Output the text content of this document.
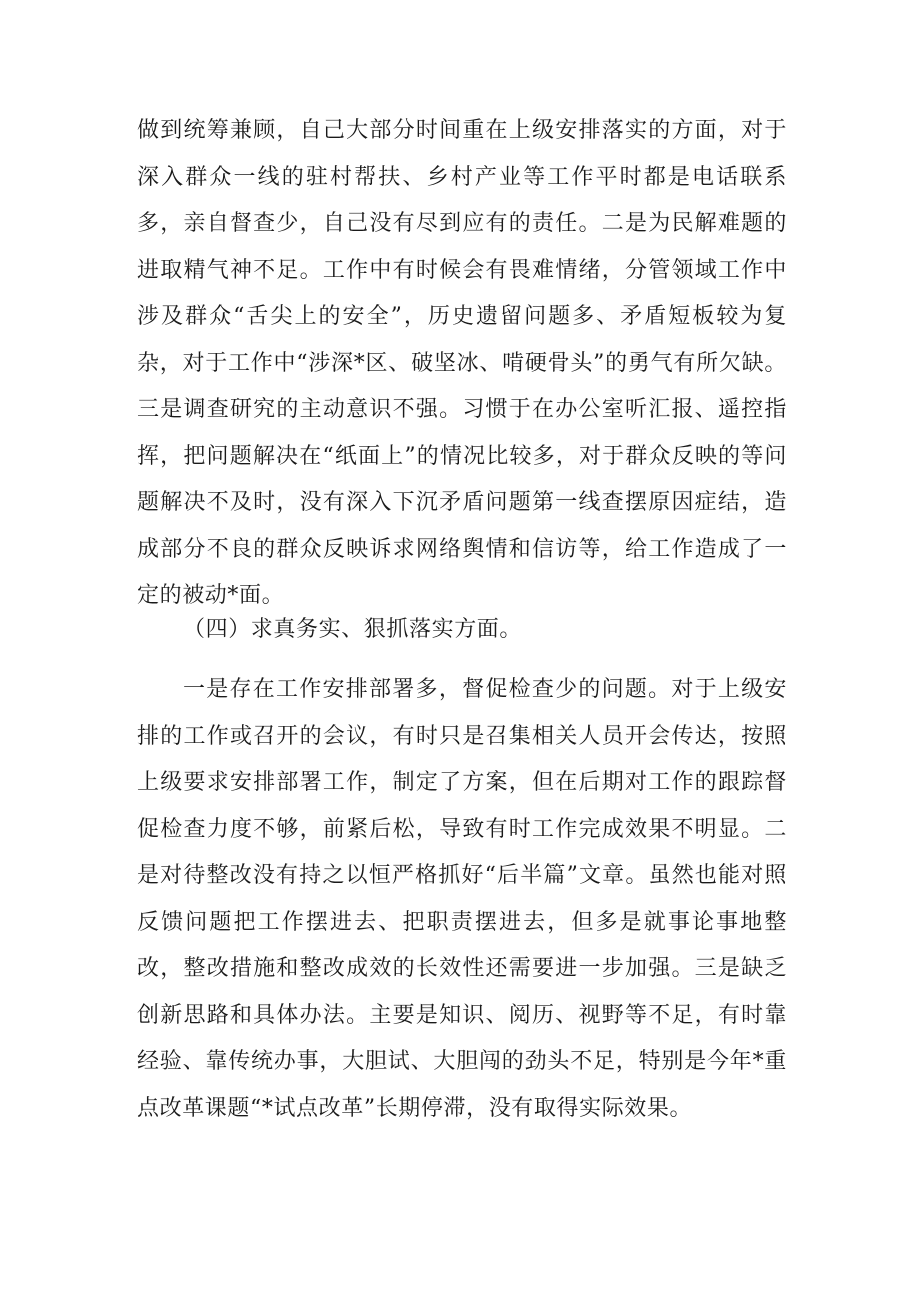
做到统筹兼顾，自己大部分时间重在上级安排落实的方面，对于深入群众一线的驻村帮扶、乡村产业等工作平时都是电话联系多，亲自督查少，自己没有尽到应有的责任。二是为民解难题的进取精气神不足。工作中有时候会有畏难情绪，分管领域工作中涉及群众“舌尖上的安全”，历史遗留问题多、矛盾短板较为复杂，对于工作中“涉深*区、破坚冰、啃硬骨头”的勇气有所欠缺。三是调查研究的主动意识不强。习惯于在办公室听汇报、遥控指挥，把问题解决在“纸面上”的情况比较多，对于群众反映的等问题解决不及时，没有深入下沉矛盾问题第一线查摆原因症结，造成部分不良的群众反映诉求网络舆情和信访等，给工作造成了一定的被动*面。

（四）求真务实、狠抓落实方面。

一是存在工作安排部署多，督促检查少的问题。对于上级安排的工作或召开的会议，有时只是召集相关人员开会传达，按照上级要求安排部署工作，制定了方案，但在后期对工作的跟踪督促检查力度不够，前紧后松，导致有时工作完成效果不明显。二是对待整改没有持之以恒严格抓好“后半篇”文章。虽然也能对照反馈问题把工作摆进去、把职责摆进去，但多是就事论事地整改，整改措施和整改成效的长效性还需要进一步加强。三是缺乏创新思路和具体办法。主要是知识、阅历、视野等不足，有时靠经验、靠传统办事，大胆试、大胆闯的劲头不足，特别是今年*重点改革课题“*试点改革”长期停滞，没有取得实际效果。
